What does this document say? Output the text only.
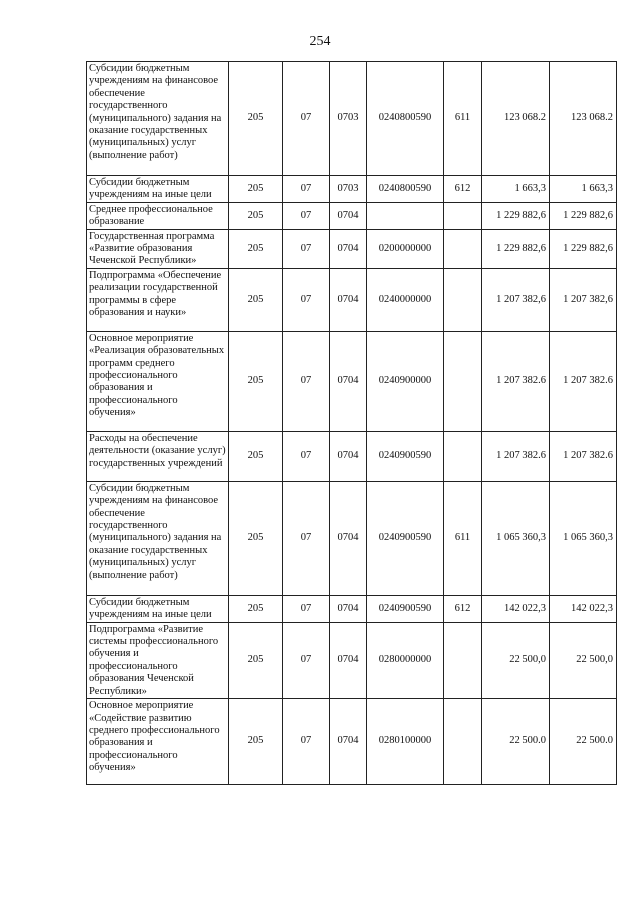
254
Субсидии бюджетным учреждениям на финансовое обеспечение государственного (муниципального) задания на оказание государственных (муниципальных) услуг (выполнение работ)	205	07	0703	0240800590	611	123 068.2	123 068.2
Субсидии бюджетным учреждениям на иные цели	205	07	0703	0240800590	612	1 663,3	1 663,3
Среднее профессиональное образование	205	07	0704			1 229 882,6	1 229 882,6
Государственная программа «Развитие образования Чеченской Республики»	205	07	0704	0200000000		1 229 882,6	1 229 882,6
Подпрограмма «Обеспечение реализации государственной программы в сфере образования и науки»	205	07	0704	0240000000		1 207 382,6	1 207 382,6
Основное мероприятие «Реализация образовательных программ среднего профессионального образования и профессионального обучения»	205	07	0704	0240900000		1 207 382.6	1 207 382.6
Расходы на обеспечение деятельности (оказание услуг) государственных учреждений	205	07	0704	0240900590		1 207 382.6	1 207 382.6
Субсидии бюджетным учреждениям на финансовое обеспечение государственного (муниципального) задания на оказание государственных (муниципальных) услуг (выполнение работ)	205	07	0704	0240900590	611	1 065 360,3	1 065 360,3
Субсидии бюджетным учреждениям на иные цели	205	07	0704	0240900590	612	142 022,3	142 022,3
Подпрограмма «Развитие системы профессионального обучения и профессионального образования Чеченской Республики»	205	07	0704	0280000000		22 500,0	22 500,0
Основное мероприятие «Содействие развитию среднего профессионального образования и профессионального обучения»	205	07	0704	0280100000		22 500.0	22 500.0
